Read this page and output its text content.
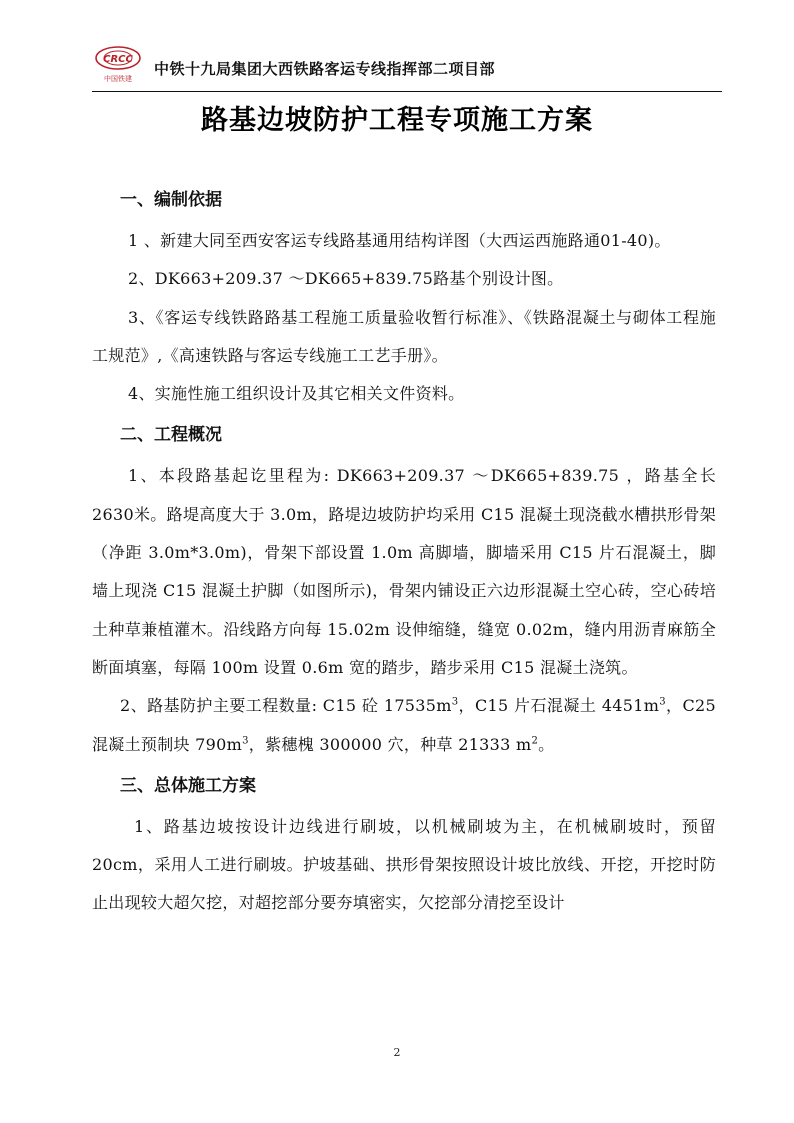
CRCC
中国铁建
中铁十九局集团大西铁路客运专线指挥部二项目部
路基边坡防护工程专项施工方案
一、编制依据

1 、新建大同至西安客运专线路基通用结构详图（大西运西施路通01-40)。

2、DK663+209.37 ～DK665+839.75路基个别设计图。

3、《客运专线铁路路基工程施工质量验收暂行标准》、《铁路混凝土与砌体工程施工规范》,《高速铁路与客运专线施工工艺手册》。

4、实施性施工组织设计及其它相关文件资料。

二、工程概况

1、本段路基起讫里程为: DK663+209.37 ～DK665+839.75 ，路基全长 2630米。路堤高度大于 3.0m，路堤边坡防护均采用 C15 混凝土现浇截水槽拱形骨架（净距 3.0m*3.0m)，骨架下部设置 1.0m 高脚墙，脚墙采用 C15 片石混凝土，脚墙上现浇 C15 混凝土护脚（如图所示)，骨架内铺设正六边形混凝土空心砖，空心砖培土种草兼植灌木。沿线路方向每 15.02m 设伸缩缝，缝宽 0.02m，缝内用沥青麻筋全断面填塞，每隔 100m 设置 0.6m 宽的踏步，踏步采用 C15 混凝土浇筑。

2、路基防护主要工程数量: C15 砼 $17535m^3$，C15 片石混凝土 $4451m^3$，C25 混凝土预制块 $790m^3$，紫穗槐 300000 穴，种草 21333 $m^2$。

三、总体施工方案

1、路基边坡按设计边线进行刷坡，以机械刷坡为主，在机械刷坡时，预留 20cm，采用人工进行刷坡。护坡基础、拱形骨架按照设计坡比放线、开挖，开挖时防止出现较大超欠挖，对超挖部分要夯填密实，欠挖部分清挖至设计

2
